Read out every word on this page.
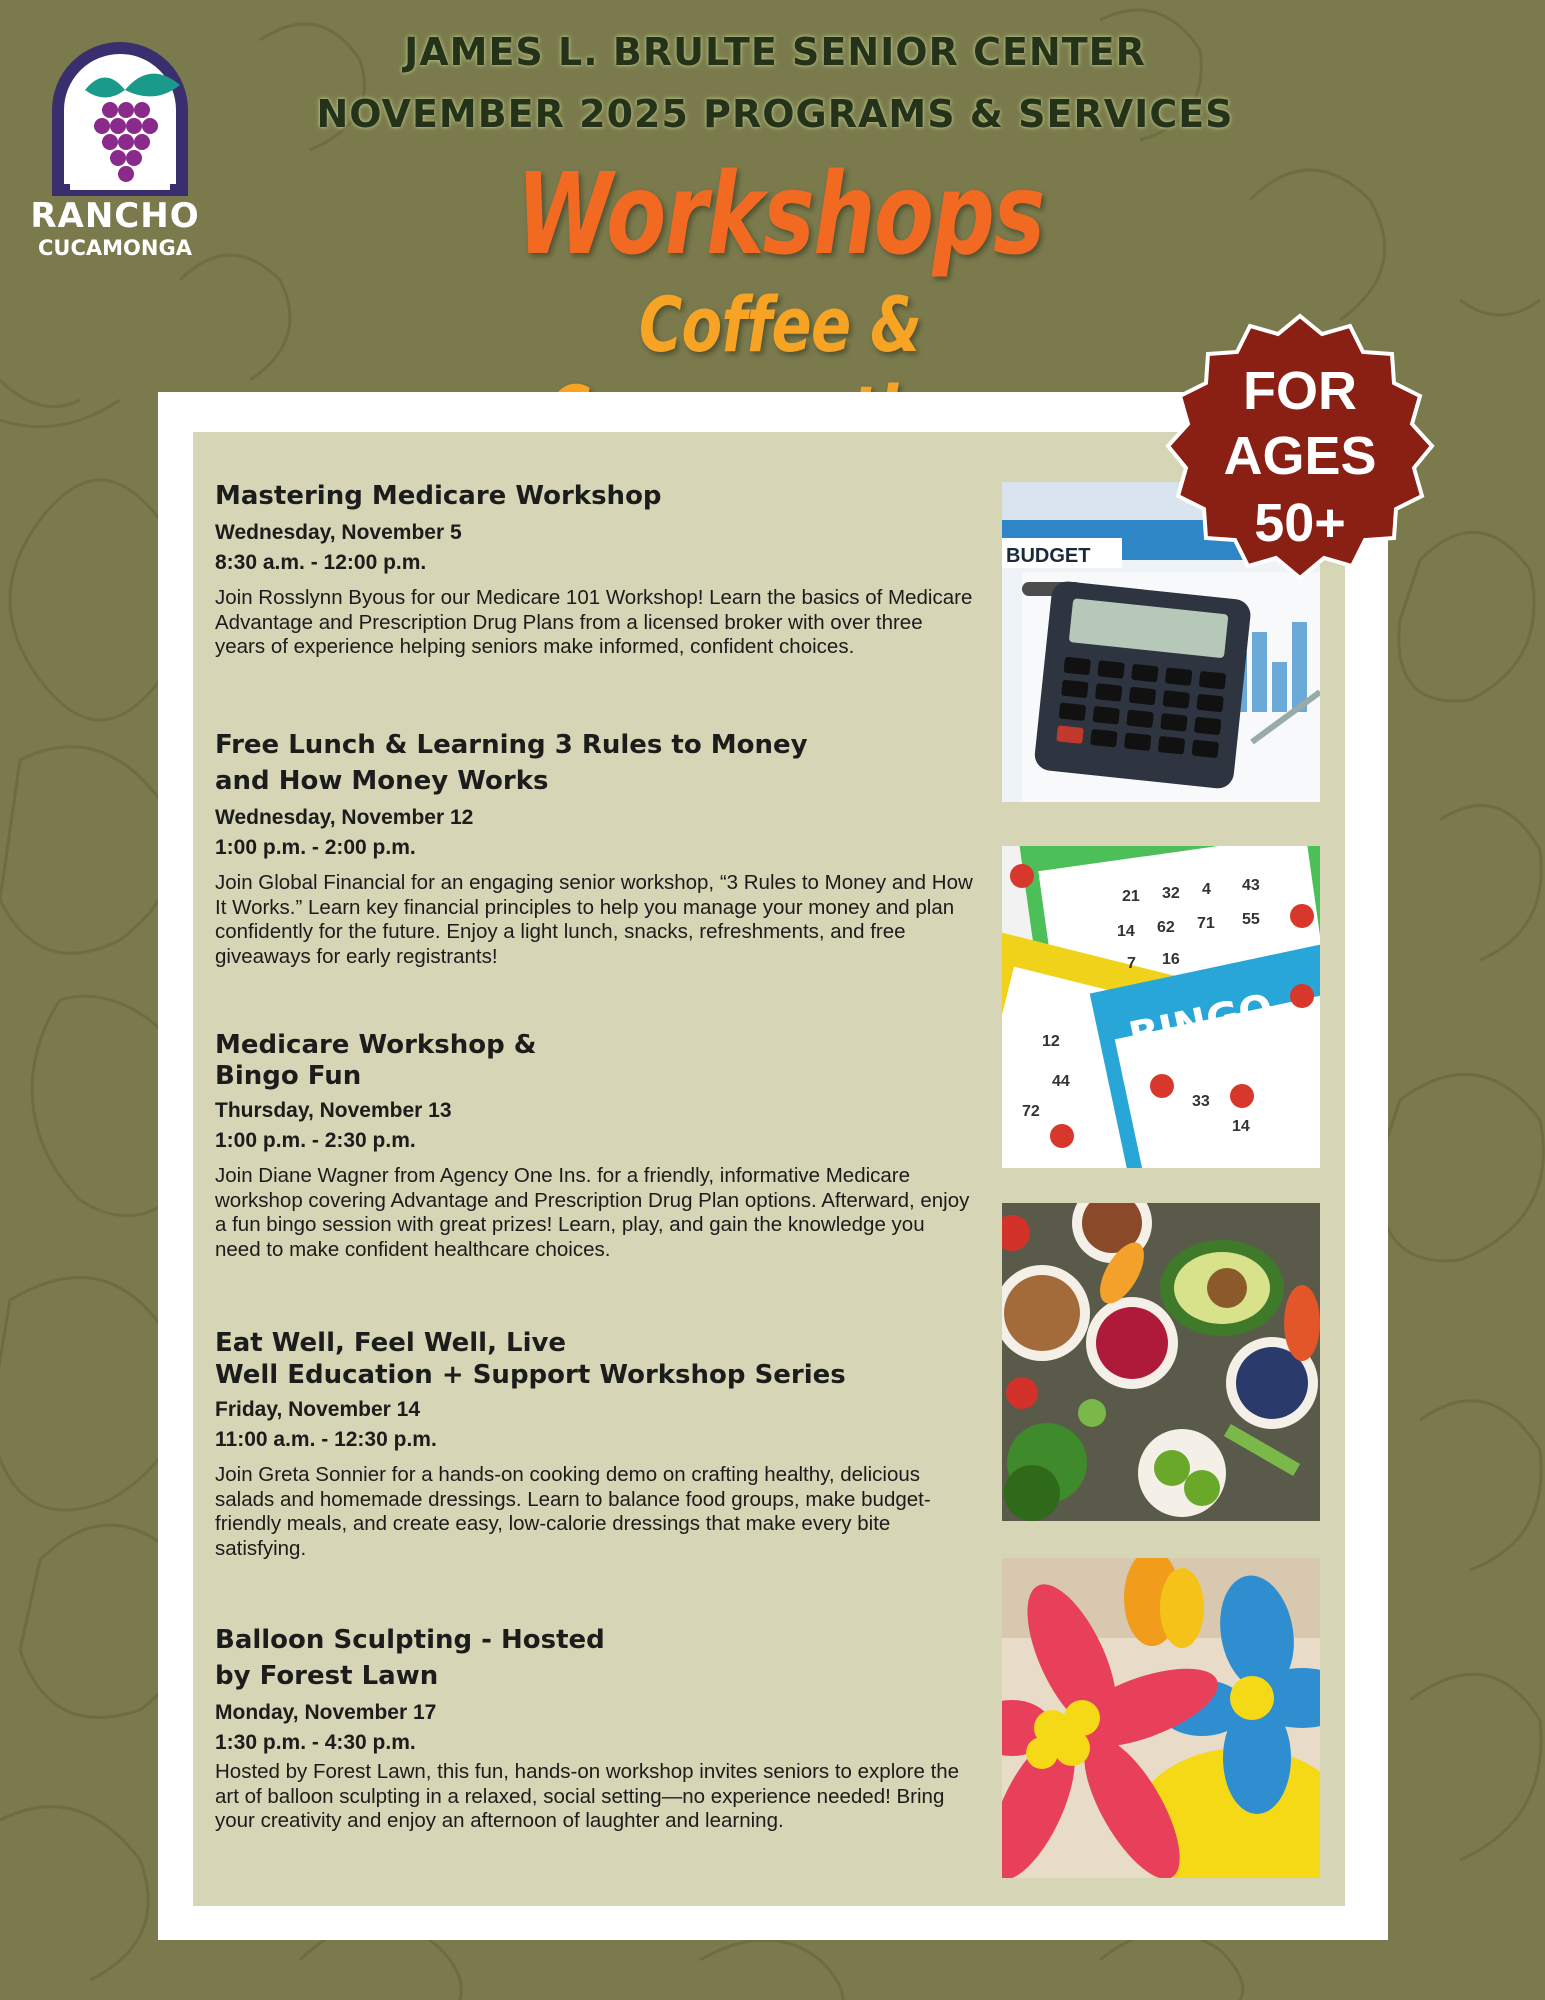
RANCHO
CUCAMONGA
JAMES L. BRULTE SENIOR CENTER
NOVEMBER 2025 PROGRAMS & SERVICES
Workshops
Coffee &
Mastering Medicare Workshop
Wednesday, November 5
8:30 a.m. - 12:00 p.m.
Join Rosslynn Byous for our Medicare 101 Workshop! Learn the basics of Medicare Advantage and Prescription Drug Plans from a licensed broker with over three years of experience helping seniors make informed, confident choices.
Free Lunch & Learning 3 Rules to Money
and How Money Works
Wednesday, November 12
1:00 p.m. - 2:00 p.m.
Join Global Financial for an engaging senior workshop, “3 Rules to Money and How It Works.” Learn key financial principles to help you manage your money and plan confidently for the future. Enjoy a light lunch, snacks, refreshments, and free giveaways for early registrants!
Medicare Workshop &
Bingo Fun
Thursday, November 13
1:00 p.m. - 2:30 p.m.
Join Diane Wagner from Agency One Ins. for a friendly, informative Medicare workshop covering Advantage and Prescription Drug Plan options. Afterward, enjoy a fun bingo session with great prizes! Learn, play, and gain the knowledge you need to make confident healthcare choices.
Eat Well, Feel Well, Live
Well Education + Support Workshop Series
Friday, November 14
11:00 a.m. - 12:30 p.m.
Join Greta Sonnier for a hands-on cooking demo on crafting healthy, delicious salads and homemade dressings. Learn to balance food groups, make budget-friendly meals, and create easy, low-calorie dressings that make every bite satisfying.
Balloon Sculpting - Hosted
by Forest Lawn
Monday, November 17
1:30 p.m. - 4:30 p.m.
Hosted by Forest Lawn, this fun, hands-on workshop invites seniors to explore the art of balloon sculpting in a relaxed, social setting—no experience needed! Bring your creativity and enjoy an afternoon of laughter and learning.
BUDGET
BINGO
21 32 4 43
14 62 71 55
7 16
33
14
12
44
72
FOR
AGES
50+
